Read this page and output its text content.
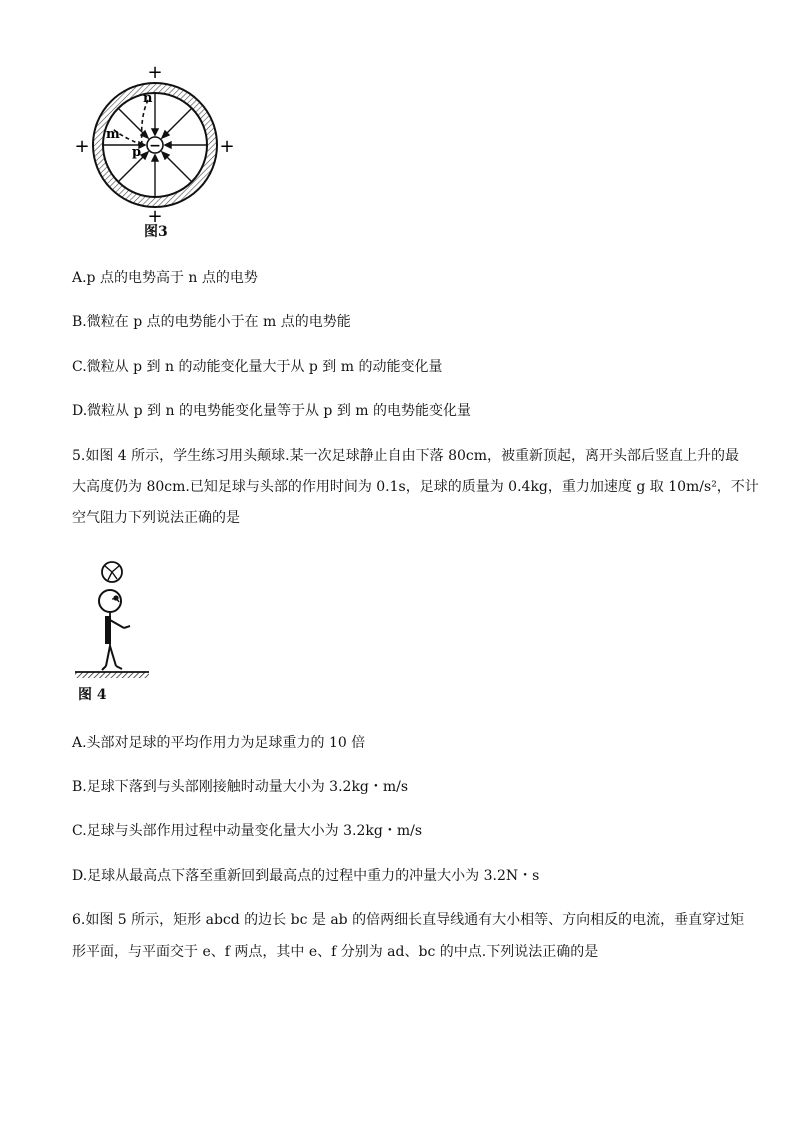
−
n
m
p
+
+
+	+
图3
A.p 点的电势高于 n 点的电势
B.微粒在 p 点的电势能小于在 m 点的电势能
C.微粒从 p 到 n 的动能变化量大于从 p 到 m 的动能变化量
D.微粒从 p 到 n 的电势能变化量等于从 p 到 m 的电势能变化量
5.如图 4 所示，学生练习用头颠球.某一次足球静止自由下落 80cm，被重新顶起，离开头部后竖直上升的最
大高度仍为 80cm.已知足球与头部的作用时间为 0.1s，足球的质量为 0.4kg，重力加速度 g 取 10m/s²，不计
空气阻力下列说法正确的是
图 4
A.头部对足球的平均作用力为足球重力的 10 倍
B.足球下落到与头部刚接触时动量大小为 3.2kg・m/s
C.足球与头部作用过程中动量变化量大小为 3.2kg・m/s
D.足球从最高点下落至重新回到最高点的过程中重力的冲量大小为 3.2N・s
6.如图 5 所示，矩形 abcd 的边长 bc 是 ab 的倍两细长直导线通有大小相等、方向相反的电流，垂直穿过矩
形平面，与平面交于 e、f 两点，其中 e、f 分别为 ad、bc 的中点.下列说法正确的是
